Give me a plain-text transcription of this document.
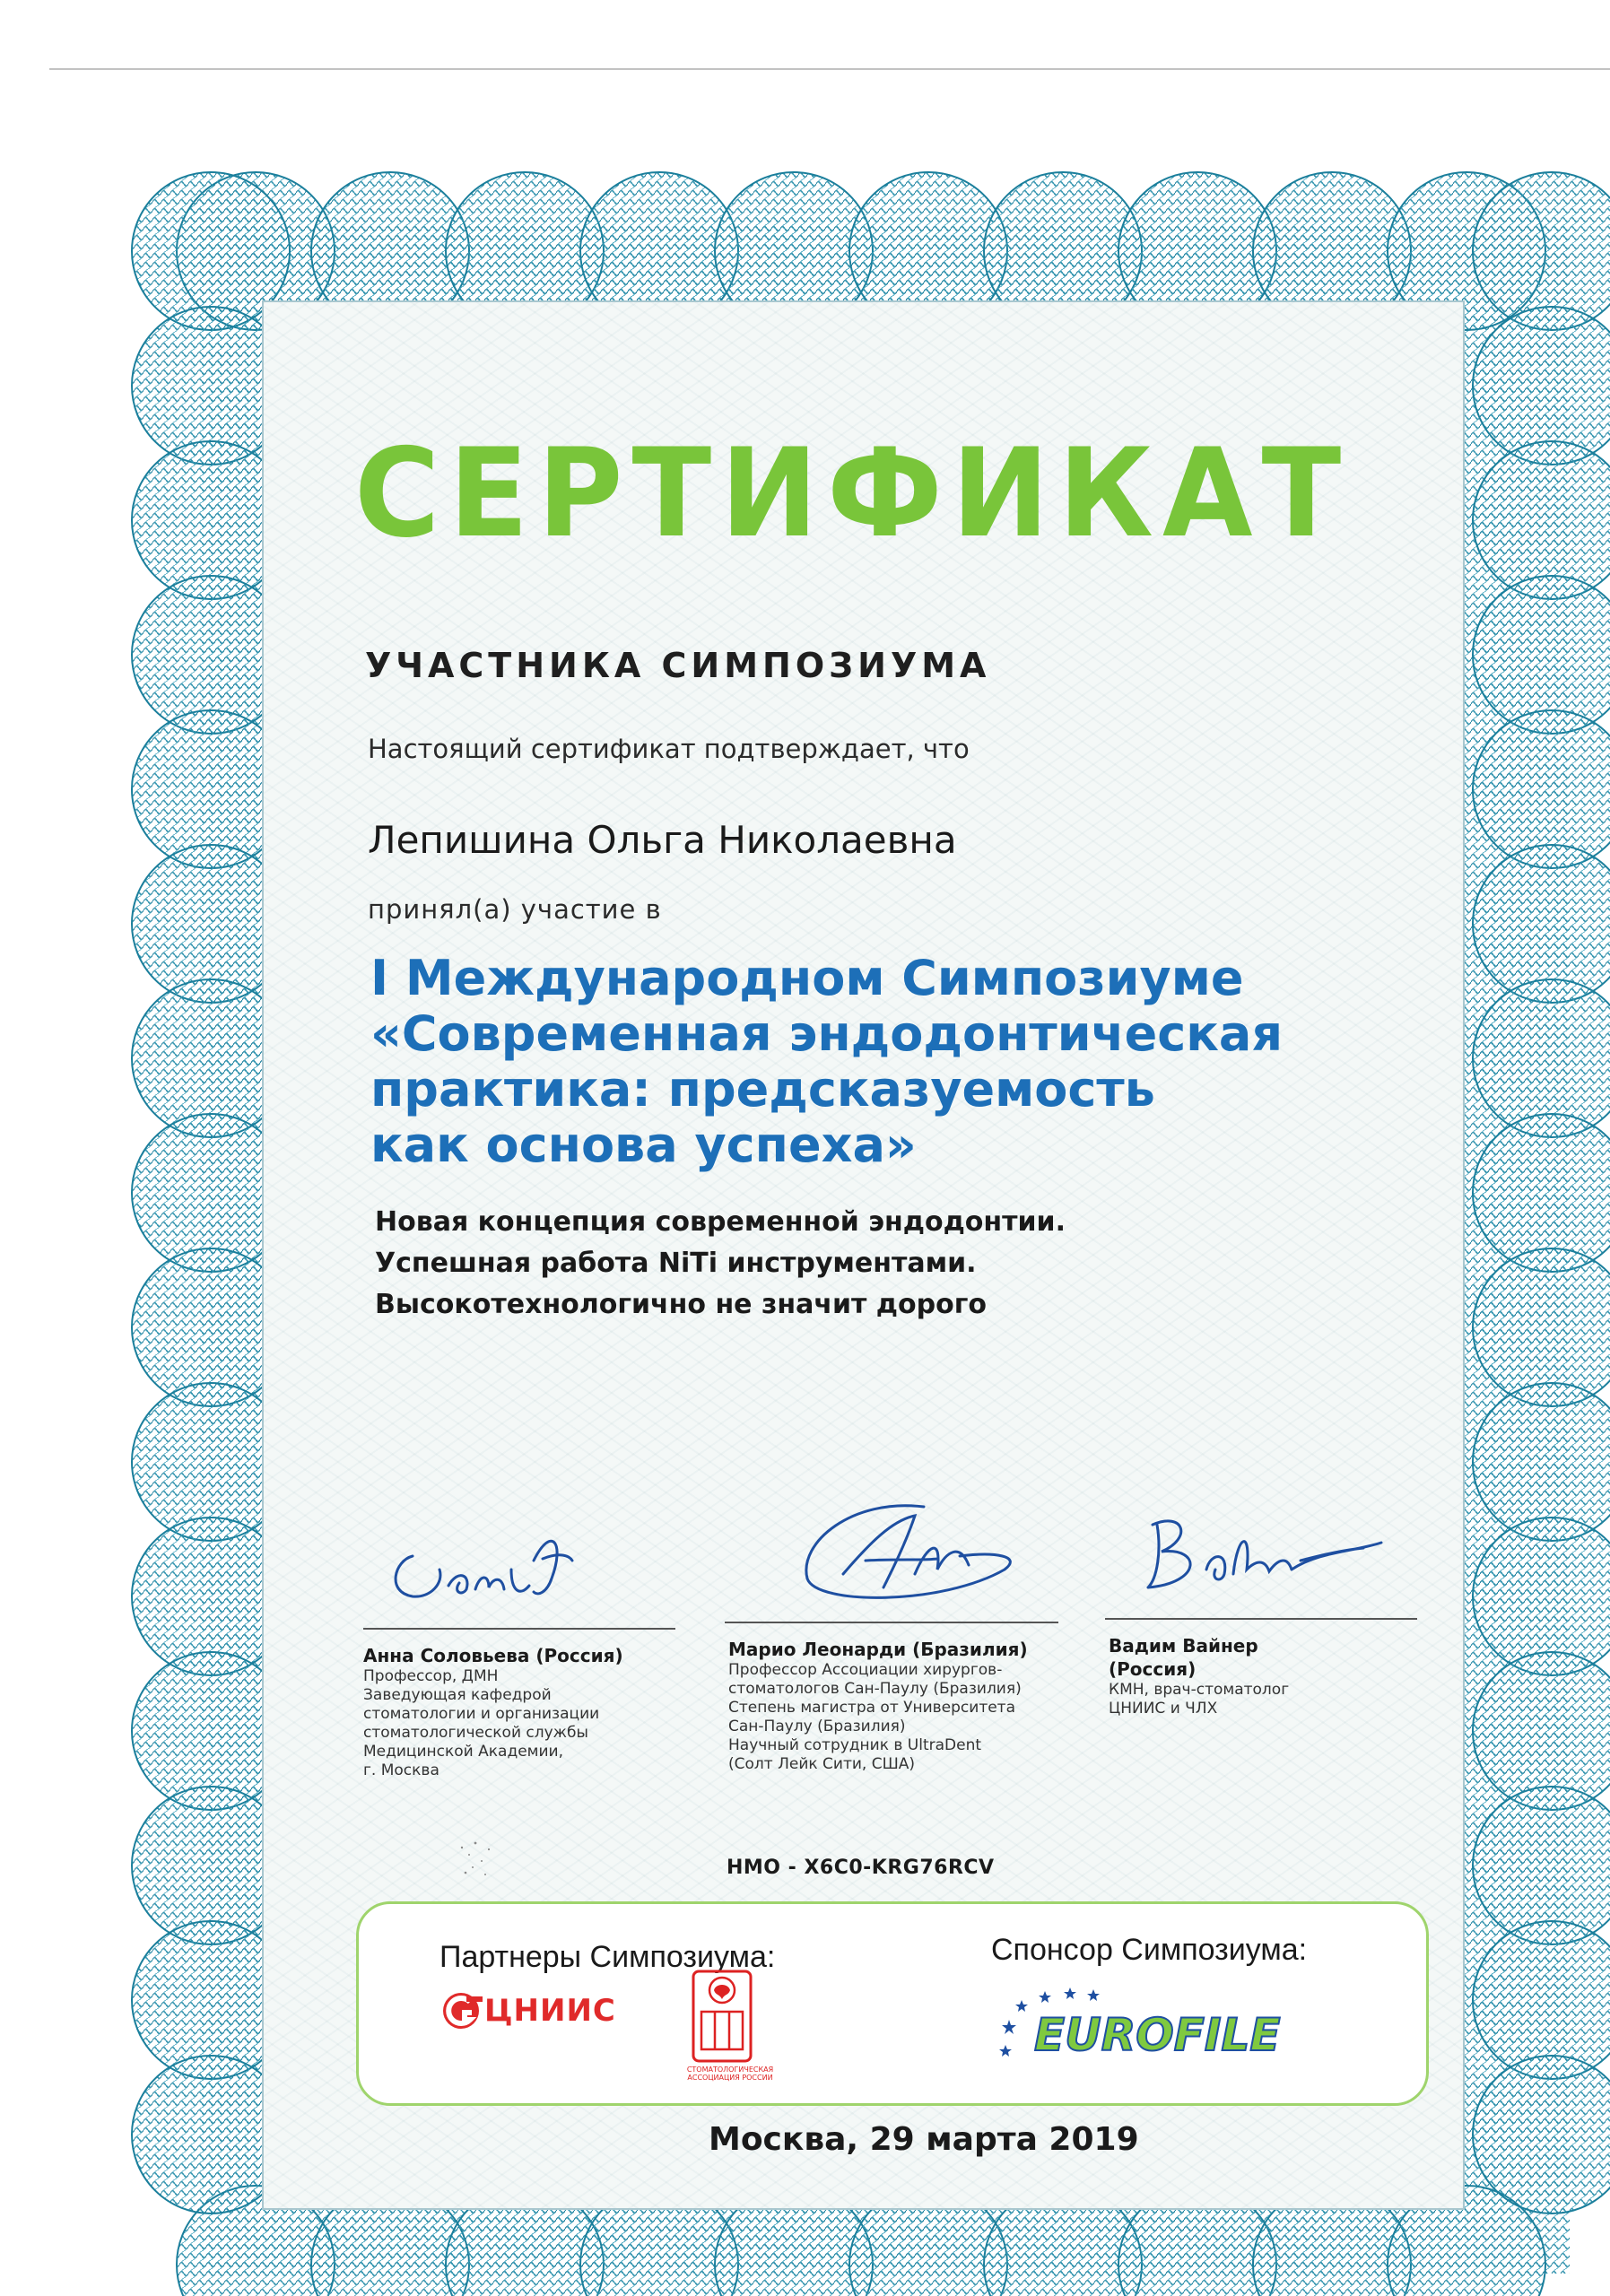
СЕРТИФИКАТ
УЧАСТНИКА СИМПОЗИУМА
Настоящий сертификат подтверждает, что
Лепишина Ольга Николаевна
принял(а) участие в
I Международном Симпозиуме
«Современная эндодонтическая
практика: предсказуемость
как основа успеха»
Новая концепция современной эндодонтии.
Успешная работа NiTi инструментами.
Высокотехнологично не значит дорого
Анна Соловьева (Россия)
Профессор, ДМН
Заведующая кафедрой
стоматологии и организации
стоматологической службы
Медицинской Академии,
г. Москва
Марио Леонарди (Бразилия)
Профессор Ассоциации хирургов-
стоматологов Сан-Паулу (Бразилия)
Степень магистра от Университета
Сан-Паулу (Бразилия)
Научный сотрудник в UltraDent
(Солт Лейк Сити, США)
Вадим Вайнер
(Россия)
КМН, врач-стоматолог
ЦНИИС и ЧЛХ
НМО - Х6С0-KRG76RCV
Партнеры Симпозиума:	Спонсор Симпозиума:
ЦНИИС
СТОМАТОЛОГИЧЕСКАЯ
АССОЦИАЦИЯ РОССИИ
EUROFILE
Москва, 29 марта 2019
